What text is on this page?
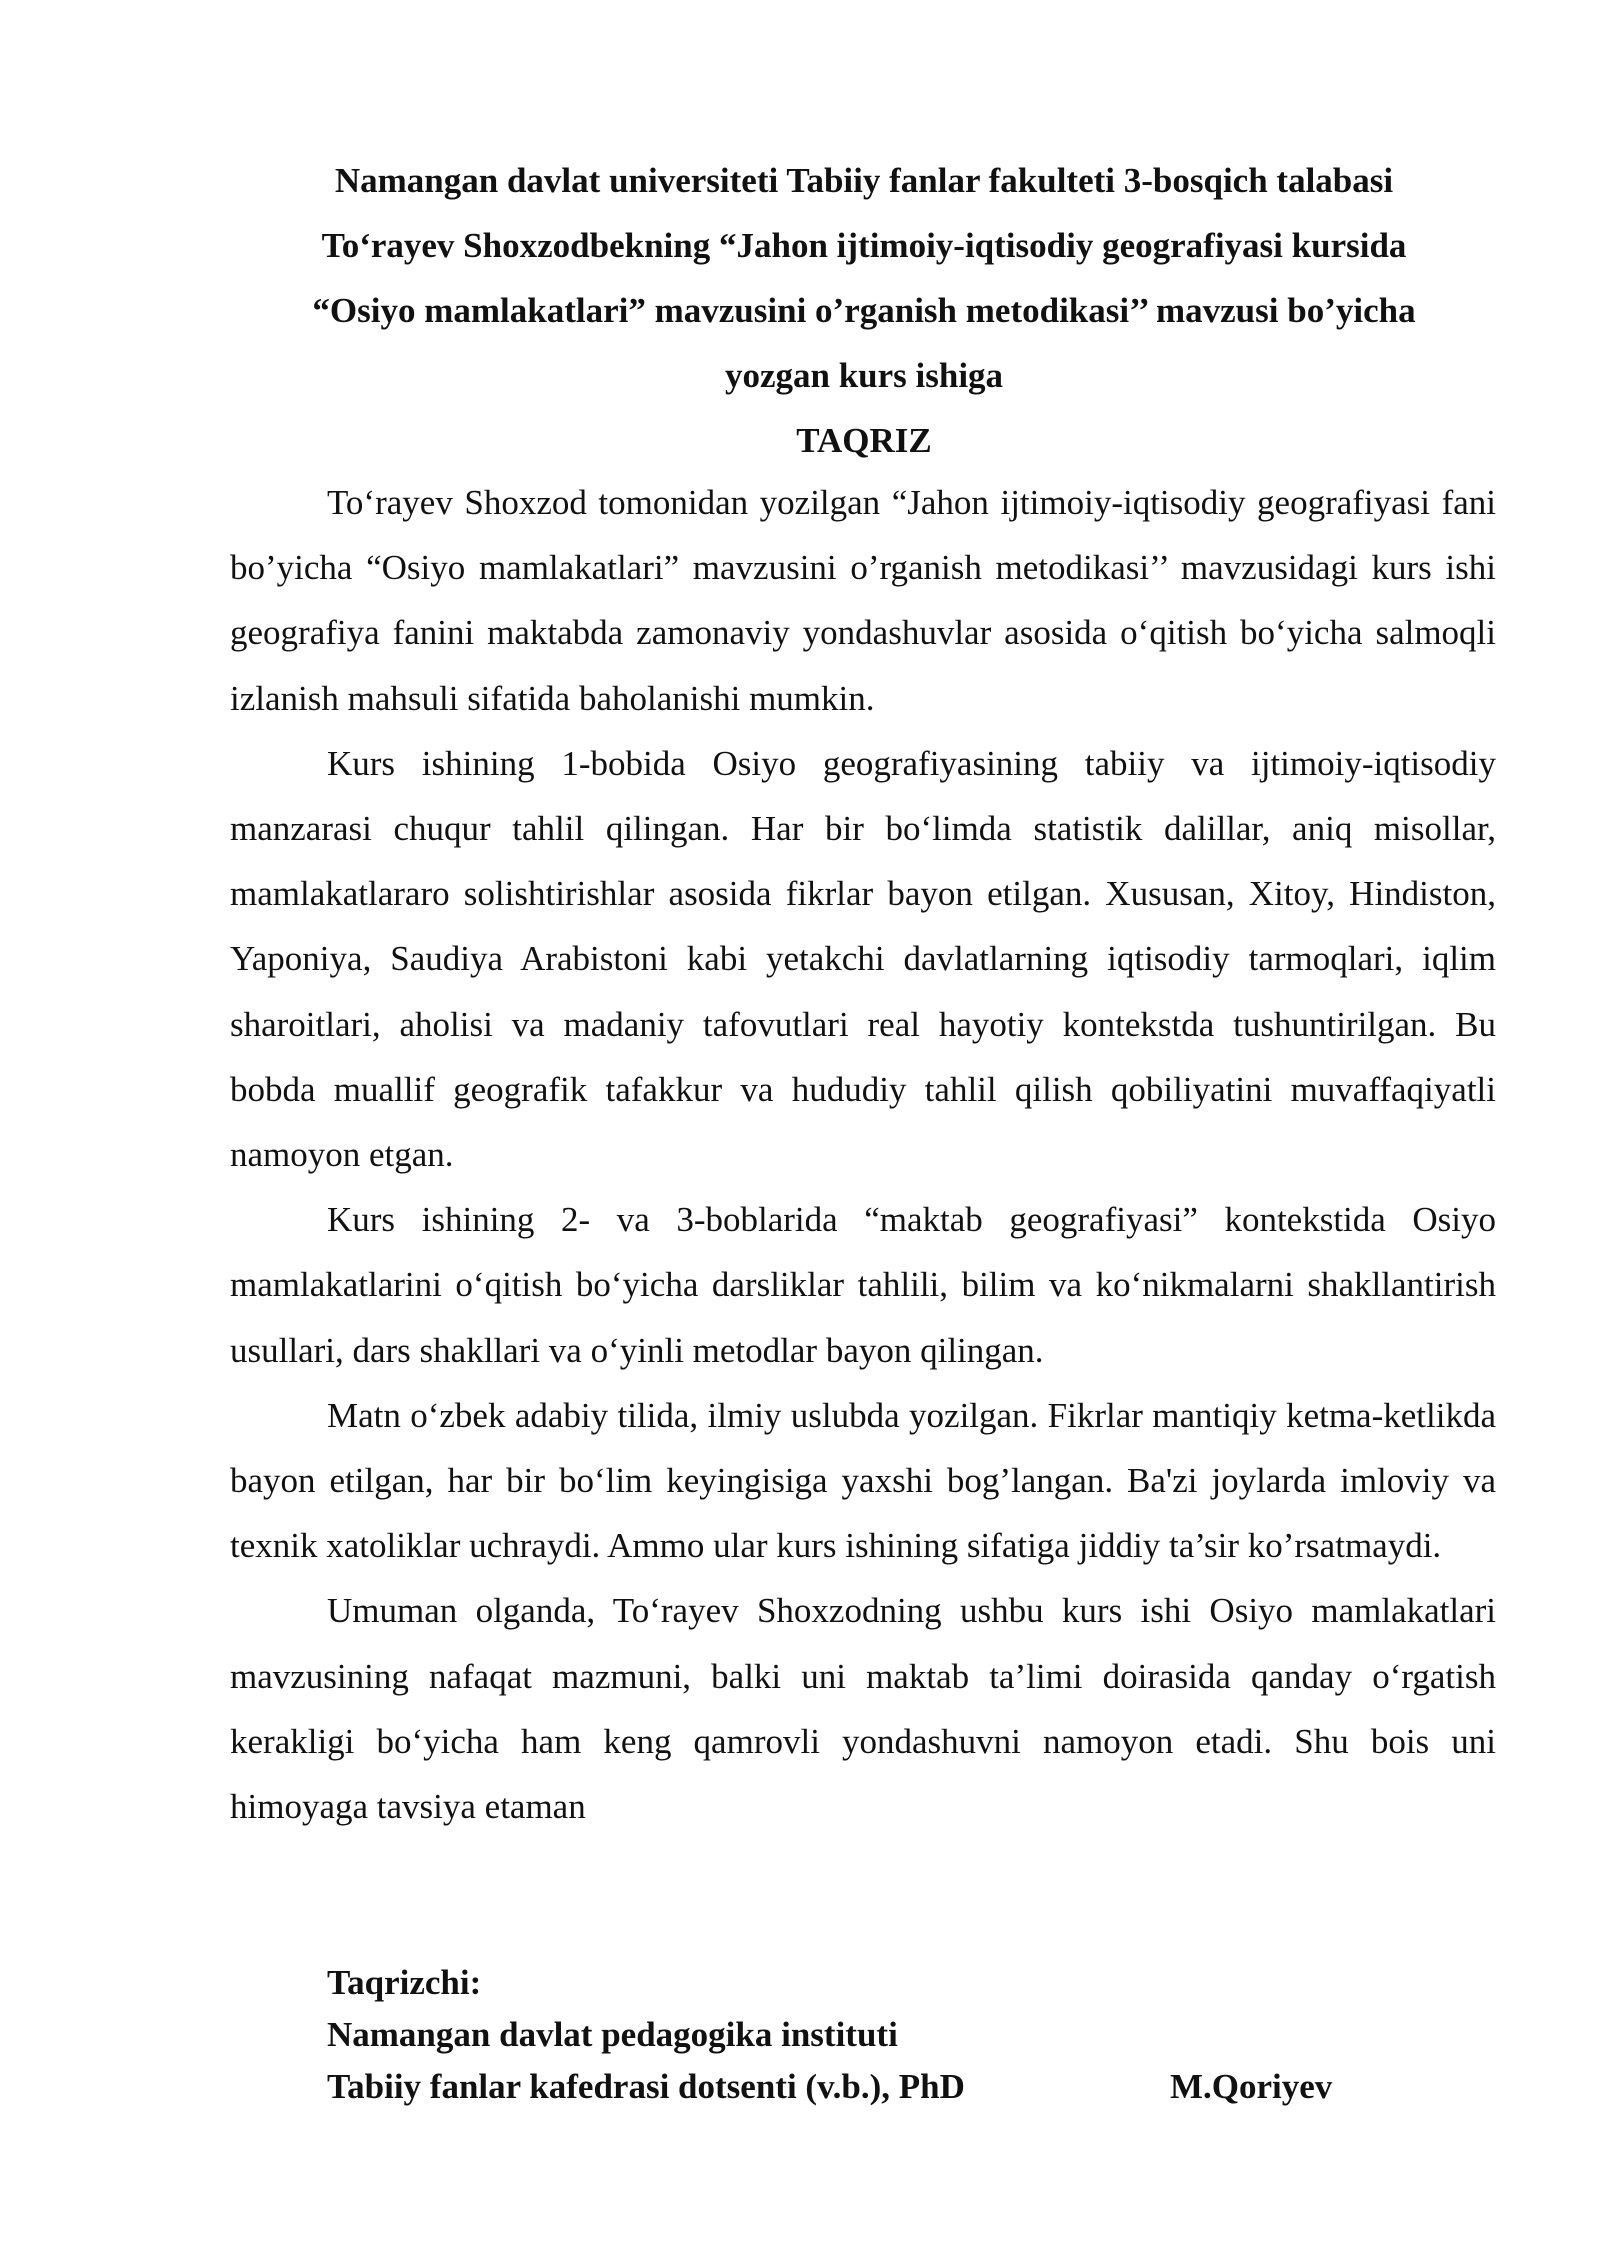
Namangan davlat universiteti Tabiiy fanlar fakulteti 3-bosqich talabasi
To‘rayev Shoxzodbekning “Jahon ijtimoiy-iqtisodiy geografiyasi kursida
“Osiyo mamlakatlari” mavzusini o’rganish metodikasi’’ mavzusi bo’yicha
yozgan kurs ishiga
TAQRIZ

To‘rayev Shoxzod tomonidan yozilgan “Jahon ijtimoiy-iqtisodiy geografiyasi fani bo’yicha “Osiyo mamlakatlari” mavzusini o’rganish metodikasi’’ mavzusidagi kurs ishi geografiya fanini maktabda zamonaviy yondashuvlar asosida o‘qitish bo‘yicha salmoqli izlanish mahsuli sifatida baholanishi mumkin.

Kurs ishining 1-bobida Osiyo geografiyasining tabiiy va ijtimoiy-iqtisodiy manzarasi chuqur tahlil qilingan. Har bir bo‘limda statistik dalillar, aniq misollar, mamlakatlararo solishtirishlar asosida fikrlar bayon etilgan. Xususan, Xitoy, Hindiston, Yaponiya, Saudiya Arabistoni kabi yetakchi davlatlarning iqtisodiy tarmoqlari, iqlim sharoitlari, aholisi va madaniy tafovutlari real hayotiy kontekstda tushuntirilgan. Bu bobda muallif geografik tafakkur va hududiy tahlil qilish qobiliyatini muvaffaqiyatli namoyon etgan.

Kurs ishining 2- va 3-boblarida “maktab geografiyasi” kontekstida Osiyo mamlakatlarini o‘qitish bo‘yicha darsliklar tahlili, bilim va ko‘nikmalarni shakllantirish usullari, dars shakllari va o‘yinli metodlar bayon qilingan.

Matn o‘zbek adabiy tilida, ilmiy uslubda yozilgan. Fikrlar mantiqiy ketma-ketlikda bayon etilgan, har bir bo‘lim keyingisiga yaxshi bog’langan. Ba'zi joylarda imloviy va texnik xatoliklar uchraydi. Ammo ular kurs ishining sifatiga jiddiy ta’sir ko’rsatmaydi.

Umuman olganda, To‘rayev Shoxzodning ushbu kurs ishi Osiyo mamlakatlari mavzusining nafaqat mazmuni, balki uni maktab ta’limi doirasida qanday o‘rgatish kerakligi bo‘yicha ham keng qamrovli yondashuvni namoyon etadi. Shu bois uni himoyaga tavsiya etaman

Taqrizchi:
Namangan davlat pedagogika instituti
Tabiiy fanlar kafedrasi dotsenti (v.b.), PhD	M.Qoriyev
